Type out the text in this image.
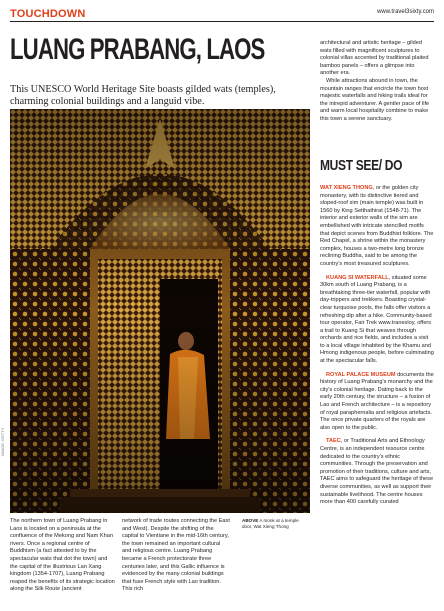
TOUCHDOWN	www.travel3sixty.com
LUANG PRABANG, LAOS
This UNESCO World Heritage Site boasts gilded wats (temples), charming colonial buildings and a languid vibe.
IMAGE: GETTY
ABOVE A monk at a temple door, Wat Xieng Thong

The northern town of Luang Prabang in Laos is located on a peninsula at the confluence of the Mekong and Nam Khan rivers. Once a regional centre of Buddhism (a fact attested to by the spectacular wats that dot the town) and the capital of the illustrious Lan Xang kingdom (1354-1707), Luang Prabang reaped the benefits of its strategic location along the Silk Route (ancient

network of trade routes connecting the East and West). Despite the shifting of the capital to Vientiane in the mid-16th century, the town remained an important cultural and religious centre. Luang Prabang became a French protectorate three centuries later, and this Gallic influence is evidenced by the many colonial buildings that fuse French style with Lao tradition. This rich

architectural and artistic heritage – gilded wats filled with magnificent sculptures to colonial villas accented by traditional plaited bamboo panels – offers a glimpse into another era.

While attractions abound in town, the mountain ranges that encircle the town host majestic waterfalls and hiking trails ideal for the intrepid adventurer. A gentler pace of life and warm local hospitality combine to make this town a serene sanctuary.

MUST SEE/ DO

WAT XIENG THONG, or the golden city monastery, with its distinctive tiered and sloped-roof sim (main temple) was built in 1560 by King Setthathirat (1548-71). The interior and exterior walls of the sim are embellished with intricate stencilled motifs that depict scenes from Buddhist folklore. The Red Chapel, a shrine within the monastery complex, houses a two-metre long bronze reclining Buddha, said to be among the country's most treasured sculptures.

KUANG SI WATERFALL, situated some 30km south of Luang Prabang, is a breathtaking three-tier waterfall, popular with day-trippers and trekkers. Boasting crystal-clear turquoise pools, the falls offer visitors a refreshing dip after a hike. Community-based tour operator, Fair Trek www.tranesloy, offers a trail to Kuang Si that weaves through orchards and rice fields, and includes a visit to a local village inhabited by the Khamu and Hmong indigenous people, before culminating at the spectacular falls.

ROYAL PALACE MUSEUM documents the history of Luang Prabang's monarchy and the city's colonial heritage. Dating back to the early 20th century, the structure – a fusion of Lao and French architecture – is a repository of royal paraphernalia and religious artefacts. The once private quarters of the royals are also open to the public.

TAEC, or Traditional Arts and Ethnology Centre, is an independent resource centre dedicated to the country's ethnic communities. Through the preservation and promotion of their traditions, culture and arts, TAEC aims to safeguard the heritage of these diverse communities, as well as support their sustainable livelihood. The centre houses more than 400 carefully curated
